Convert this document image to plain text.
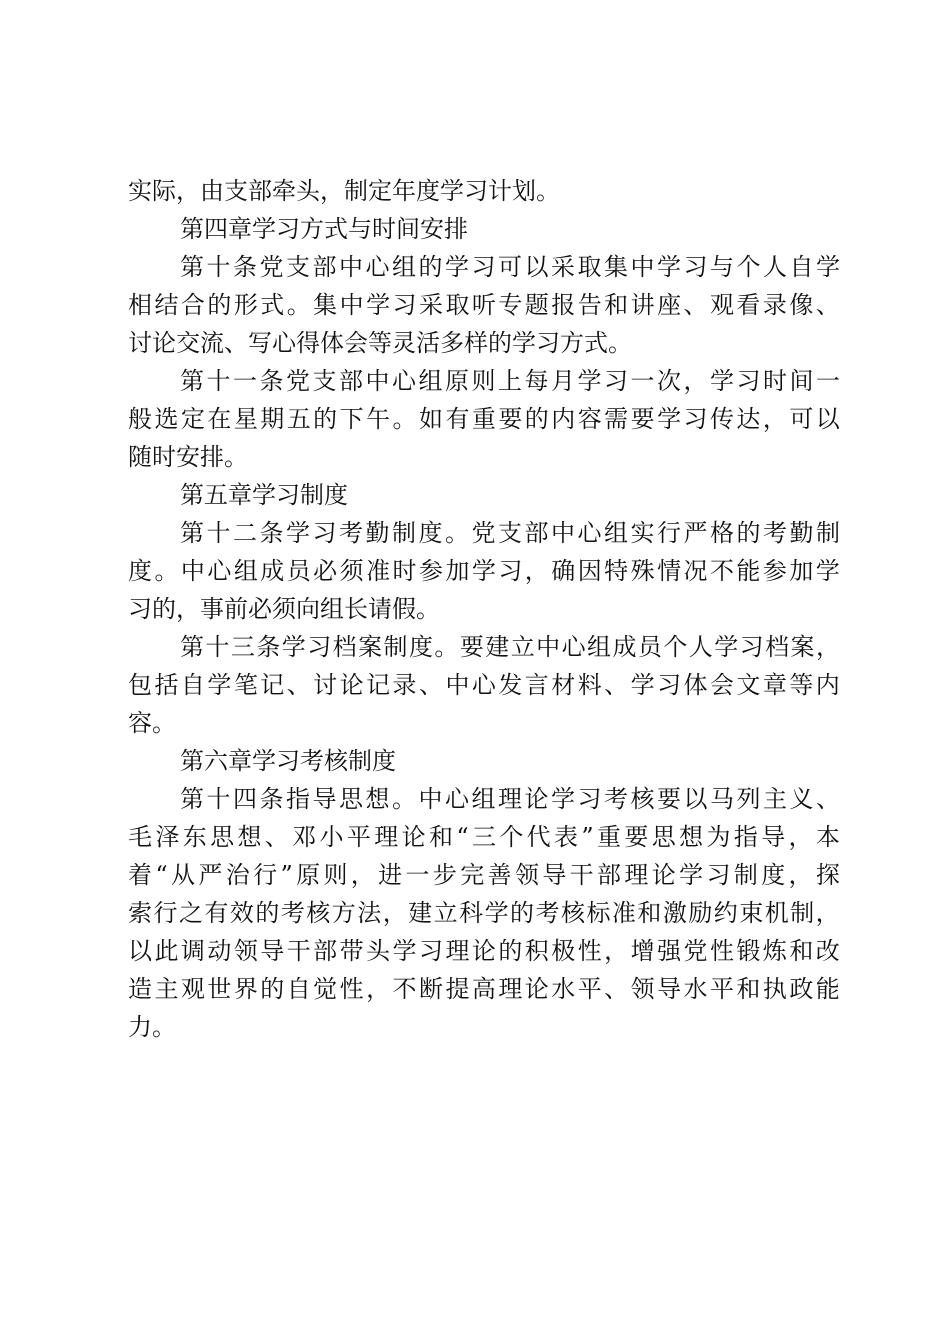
实际，由支部牵头，制定年度学习计划。
第四章学习方式与时间安排
第 十 条 党 支 部 中 心 组 的 学 习 可 以 采 取 集 中 学 习 与 个 人 自 学
相 结 合 的 形 式 。 集 中 学 习 采 取 听 专 题 报 告 和 讲 座 、 观 看 录 像 、
讨论交流、写心得体会等灵活多样的学习方式。
第 十 一 条 党 支 部 中 心 组 原 则 上 每 月 学 习 一 次 ， 学 习 时 间 一
般 选 定 在 星 期 五 的 下 午 。 如 有 重 要 的 内 容 需 要 学 习 传 达 ， 可 以
随时安排。
第五章学习制度
第 十 二 条 学 习 考 勤 制 度 。 党 支 部 中 心 组 实 行 严 格 的 考 勤 制
度 。 中 心 组 成 员 必 须 准 时 参 加 学 习 ， 确 因 特 殊 情 况 不 能 参 加 学
习的，事前必须向组长请假。
第 十 三 条 学 习 档 案 制 度 。 要 建 立 中 心 组 成 员 个 人 学 习 档 案 ，
包 括 自 学 笔 记 、 讨 论 记 录 、 中 心 发 言 材 料 、 学 习 体 会 文 章 等 内
容。
第六章学习考核制度
第 十 四 条 指 导 思 想 。 中 心 组 理 论 学 习 考 核 要 以 马 列 主 义 、
毛 泽 东 思 想 、 邓 小 平 理 论 和 “ 三 个 代 表 ” 重 要 思 想 为 指 导 ， 本
着 “ 从 严 治 行 ” 原 则 ， 进 一 步 完 善 领 导 干 部 理 论 学 习 制 度 ， 探
索 行 之 有 效 的 考 核 方 法 ， 建 立 科 学 的 考 核 标 准 和 激 励 约 束 机 制 ，
以 此 调 动 领 导 干 部 带 头 学 习 理 论 的 积 极 性 ， 增 强 党 性 锻 炼 和 改
造 主 观 世 界 的 自 觉 性 ， 不 断 提 高 理 论 水 平 、 领 导 水 平 和 执 政 能
力。
